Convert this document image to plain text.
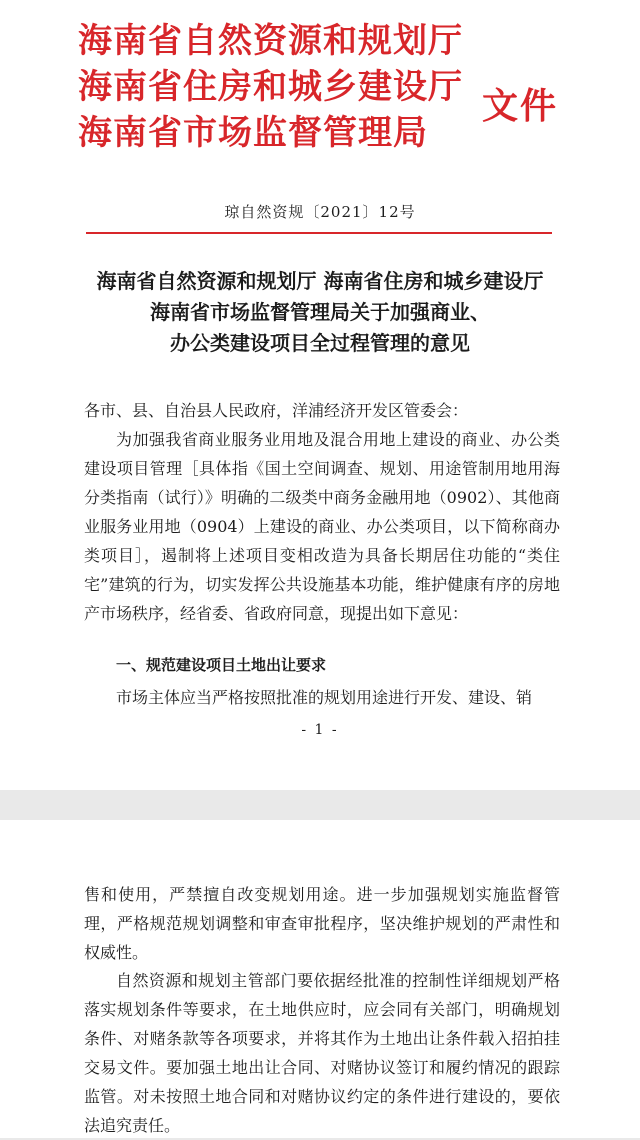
海南省自然资源和规划厅
海南省住房和城乡建设厅
海南省市场监督管理局
文件
琼自然资规〔2021〕12号
海南省自然资源和规划厅 海南省住房和城乡建设厅
海南省市场监督管理局关于加强商业、
办公类建设项目全过程管理的意见
各市、县、自治县人民政府，洋浦经济开发区管委会：
为加强我省商业服务业用地及混合用地上建设的商业、办公类建设项目管理［具体指《国土空间调查、规划、用途管制用地用海分类指南（试行）》明确的二级类中商务金融用地（0902）、其他商业服务业用地（0904）上建设的商业、办公类项目，以下简称商办类项目］，遏制将上述项目变相改造为具备长期居住功能的“类住宅”建筑的行为，切实发挥公共设施基本功能，维护健康有序的房地产市场秩序，经省委、省政府同意，现提出如下意见：
一、规范建设项目土地出让要求
市场主体应当严格按照批准的规划用途进行开发、建设、销
- 1 -
售和使用，严禁擅自改变规划用途。进一步加强规划实施监督管理，严格规范规划调整和审查审批程序，坚决维护规划的严肃性和权威性。
自然资源和规划主管部门要依据经批准的控制性详细规划严格落实规划条件等要求，在土地供应时，应会同有关部门，明确规划条件、对赌条款等各项要求，并将其作为土地出让条件载入招拍挂交易文件。要加强土地出让合同、对赌协议签订和履约情况的跟踪监管。对未按照土地合同和对赌协议约定的条件进行建设的，要依法追究责任。
